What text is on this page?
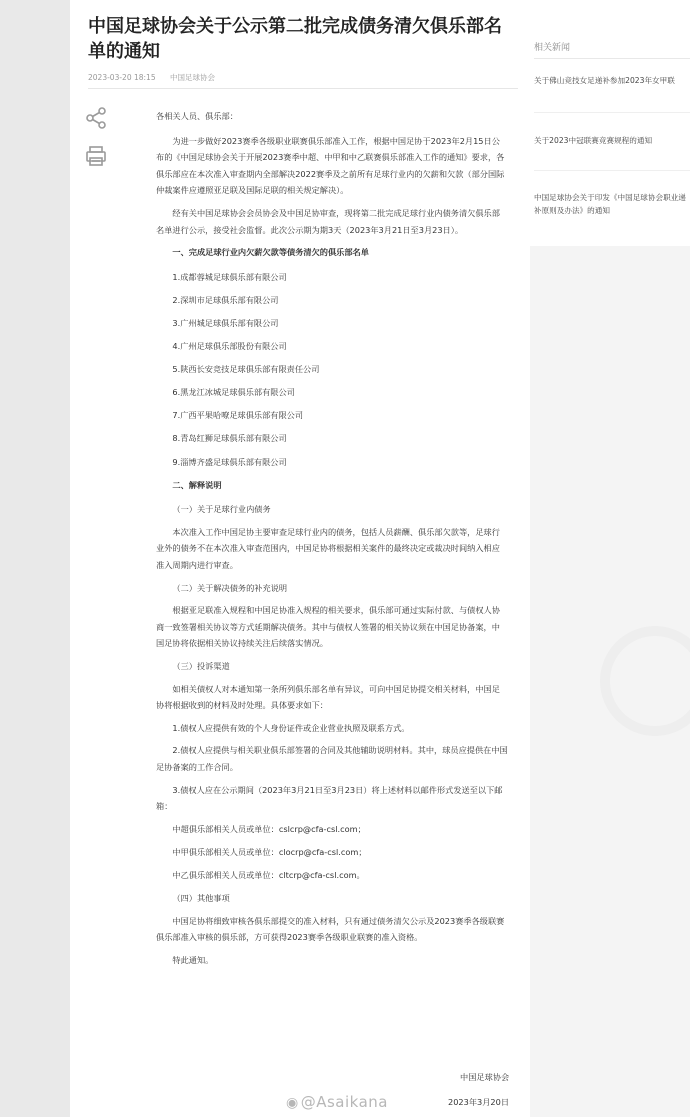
中国足球协会关于公示第二批完成债务清欠俱乐部名单的通知
2023-03-20 18:15 中国足球协会

各相关人员、俱乐部：

为进一步做好2023赛季各级职业联赛俱乐部准入工作，根据中国足协于2023年2月15日公布的《中国足球协会关于开展2023赛季中超、中甲和中乙联赛俱乐部准入工作的通知》要求，各俱乐部应在本次准入审查期内全部解决2022赛季及之前所有足球行业内的欠薪和欠款（部分国际仲裁案件应遵照亚足联及国际足联的相关规定解决）。

经有关中国足球协会会员协会及中国足协审查，现将第二批完成足球行业内债务清欠俱乐部名单进行公示，接受社会监督。此次公示期为期3天（2023年3月21日至3月23日）。

一、完成足球行业内欠薪欠款等债务清欠的俱乐部名单

1.成都蓉城足球俱乐部有限公司

2.深圳市足球俱乐部有限公司

3.广州城足球俱乐部有限公司

4.广州足球俱乐部股份有限公司

5.陕西长安竞技足球俱乐部有限责任公司

6.黑龙江冰城足球俱乐部有限公司

7.广西平果哈嘹足球俱乐部有限公司

8.青岛红狮足球俱乐部有限公司

9.淄博齐盛足球俱乐部有限公司

二、解释说明

（一）关于足球行业内债务

本次准入工作中国足协主要审查足球行业内的债务，包括人员薪酬、俱乐部欠款等，足球行业外的债务不在本次准入审查范围内，中国足协将根据相关案件的最终决定或裁决时间纳入相应准入周期内进行审查。

（二）关于解决债务的补充说明

根据亚足联准入规程和中国足协准入规程的相关要求，俱乐部可通过实际付款、与债权人协商一致签署相关协议等方式延期解决债务。其中与债权人签署的相关协议须在中国足协备案，中国足协将依据相关协议持续关注后续落实情况。

（三）投诉渠道

如相关债权人对本通知第一条所列俱乐部名单有异议，可向中国足协提交相关材料，中国足协将根据收到的材料及时处理。具体要求如下：

1.债权人应提供有效的个人身份证件或企业营业执照及联系方式。

2.债权人应提供与相关职业俱乐部签署的合同及其他辅助说明材料。其中，球员应提供在中国足协备案的工作合同。

3.债权人应在公示期间（2023年3月21日至3月23日）将上述材料以邮件形式发送至以下邮箱：

中超俱乐部相关人员或单位：cslcrp@cfa-csl.com；

中甲俱乐部相关人员或单位：clocrp@cfa-csl.com；

中乙俱乐部相关人员或单位：cltcrp@cfa-csl.com。

（四）其他事项

中国足协将细致审核各俱乐部提交的准入材料，只有通过债务清欠公示及2023赛季各级联赛俱乐部准入审核的俱乐部，方可获得2023赛季各级职业联赛的准入资格。

特此通知。

中国足球协会
2023年3月20日
相关新闻
关于佛山竞技女足递补参加2023年女甲联
关于2023中冠联赛竞赛规程的通知
中国足球协会关于印发《中国足球协会职业递补原则及办法》的通知
◉ @Asaikana
